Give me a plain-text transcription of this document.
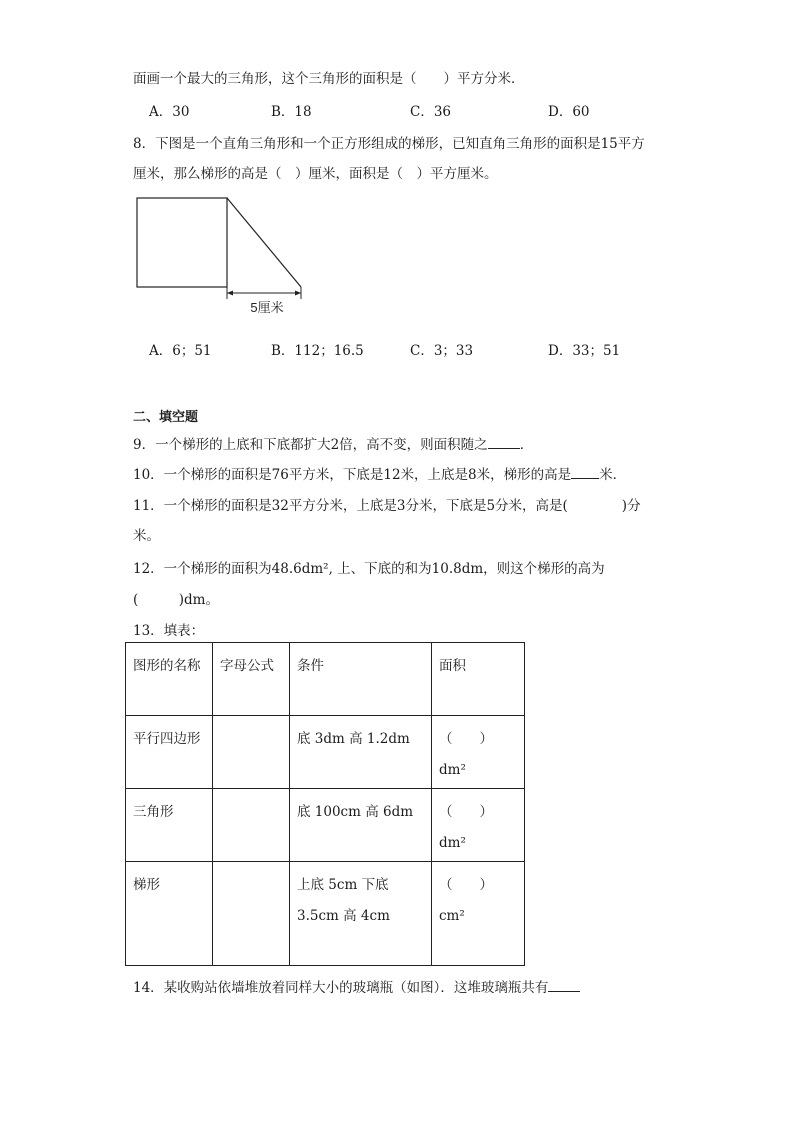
面画一个最大的三角形，这个三角形的面积是（　　）平方分米．
A．30	B．18	C．36	D．60
8．下图是一个直角三角形和一个正方形组成的梯形，已知直角三角形的面积是15平方
厘米，那么梯形的高是（　）厘米，面积是（　）平方厘米。
5厘米
A．6；51	B．112；16.5	C．3；33	D．33；51
二、填空题
9．一个梯形的上底和下底都扩大2倍，高不变，则面积随之 ．
10．一个梯形的面积是76平方米，下底是12米，上底是8米，梯形的高是 米．
11．一个梯形的面积是32平方分米，上底是3分米，下底是5分米，高是(　　　　)分
米。
12．一个梯形的面积为48.6dm², 上、下底的和为10.8dm，则这个梯形的高为
(　　　)dm。
13．填表：
图形的名称	字母公式	条件	面积
平行四边形		底 3dm 高 1.2dm	（　　）dm²
三角形		底 100cm 高 6dm	（　　）dm²
梯形		上底 5cm 下底 3.5cm 高 4cm	（　　）cm²
14．某收购站依墙堆放着同样大小的玻璃瓶（如图）．这堆玻璃瓶共有
